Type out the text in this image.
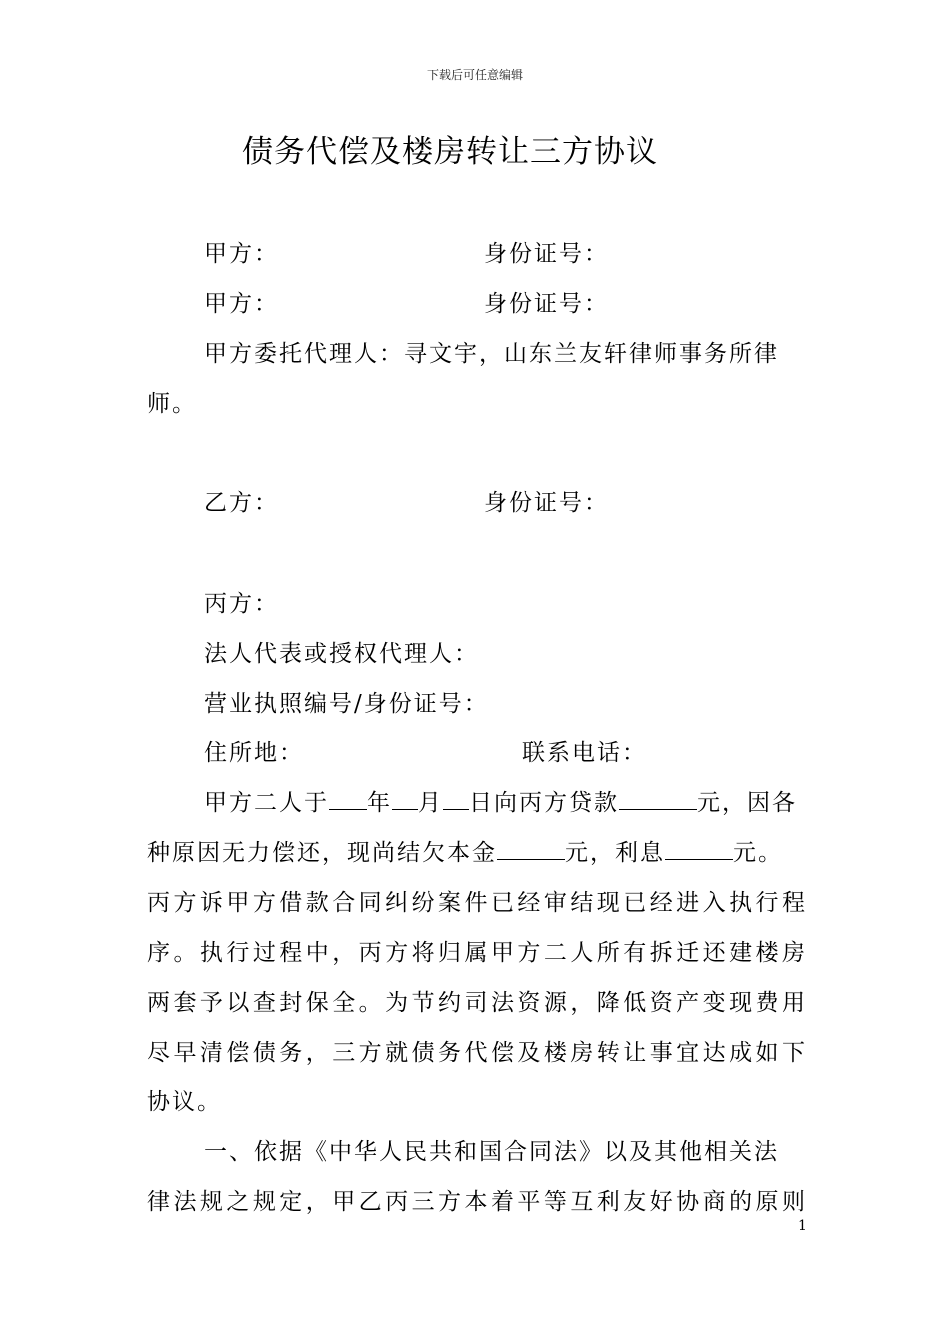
下载后可任意编辑
债务代偿及楼房转让三方协议
甲方：	身份证号：
甲方：	身份证号：
甲方委托代理人：寻文宇，山东兰友轩律师事务所律
师。
乙方：	身份证号：
丙方：
法人代表或授权代理人：
营业执照编号/身份证号：
住所地：	联系电话：
甲方二人于 年 月 日向丙方贷款	元，因各
种原因无力偿还，现尚结欠本金	元，利息	元。
丙方诉甲方借款合同纠纷案件已经审结现已经进入执行程
序。执行过程中，丙方将归属甲方二人所有拆迁还建楼房
两套予以查封保全。为节约司法资源，降低资产变现费用
尽早清偿债务，三方就债务代偿及楼房转让事宜达成如下
协议。
一、依据《中华人民共和国合同法》以及其他相关法
律法规之规定，甲乙丙三方本着平等互利友好协商的原则
1
